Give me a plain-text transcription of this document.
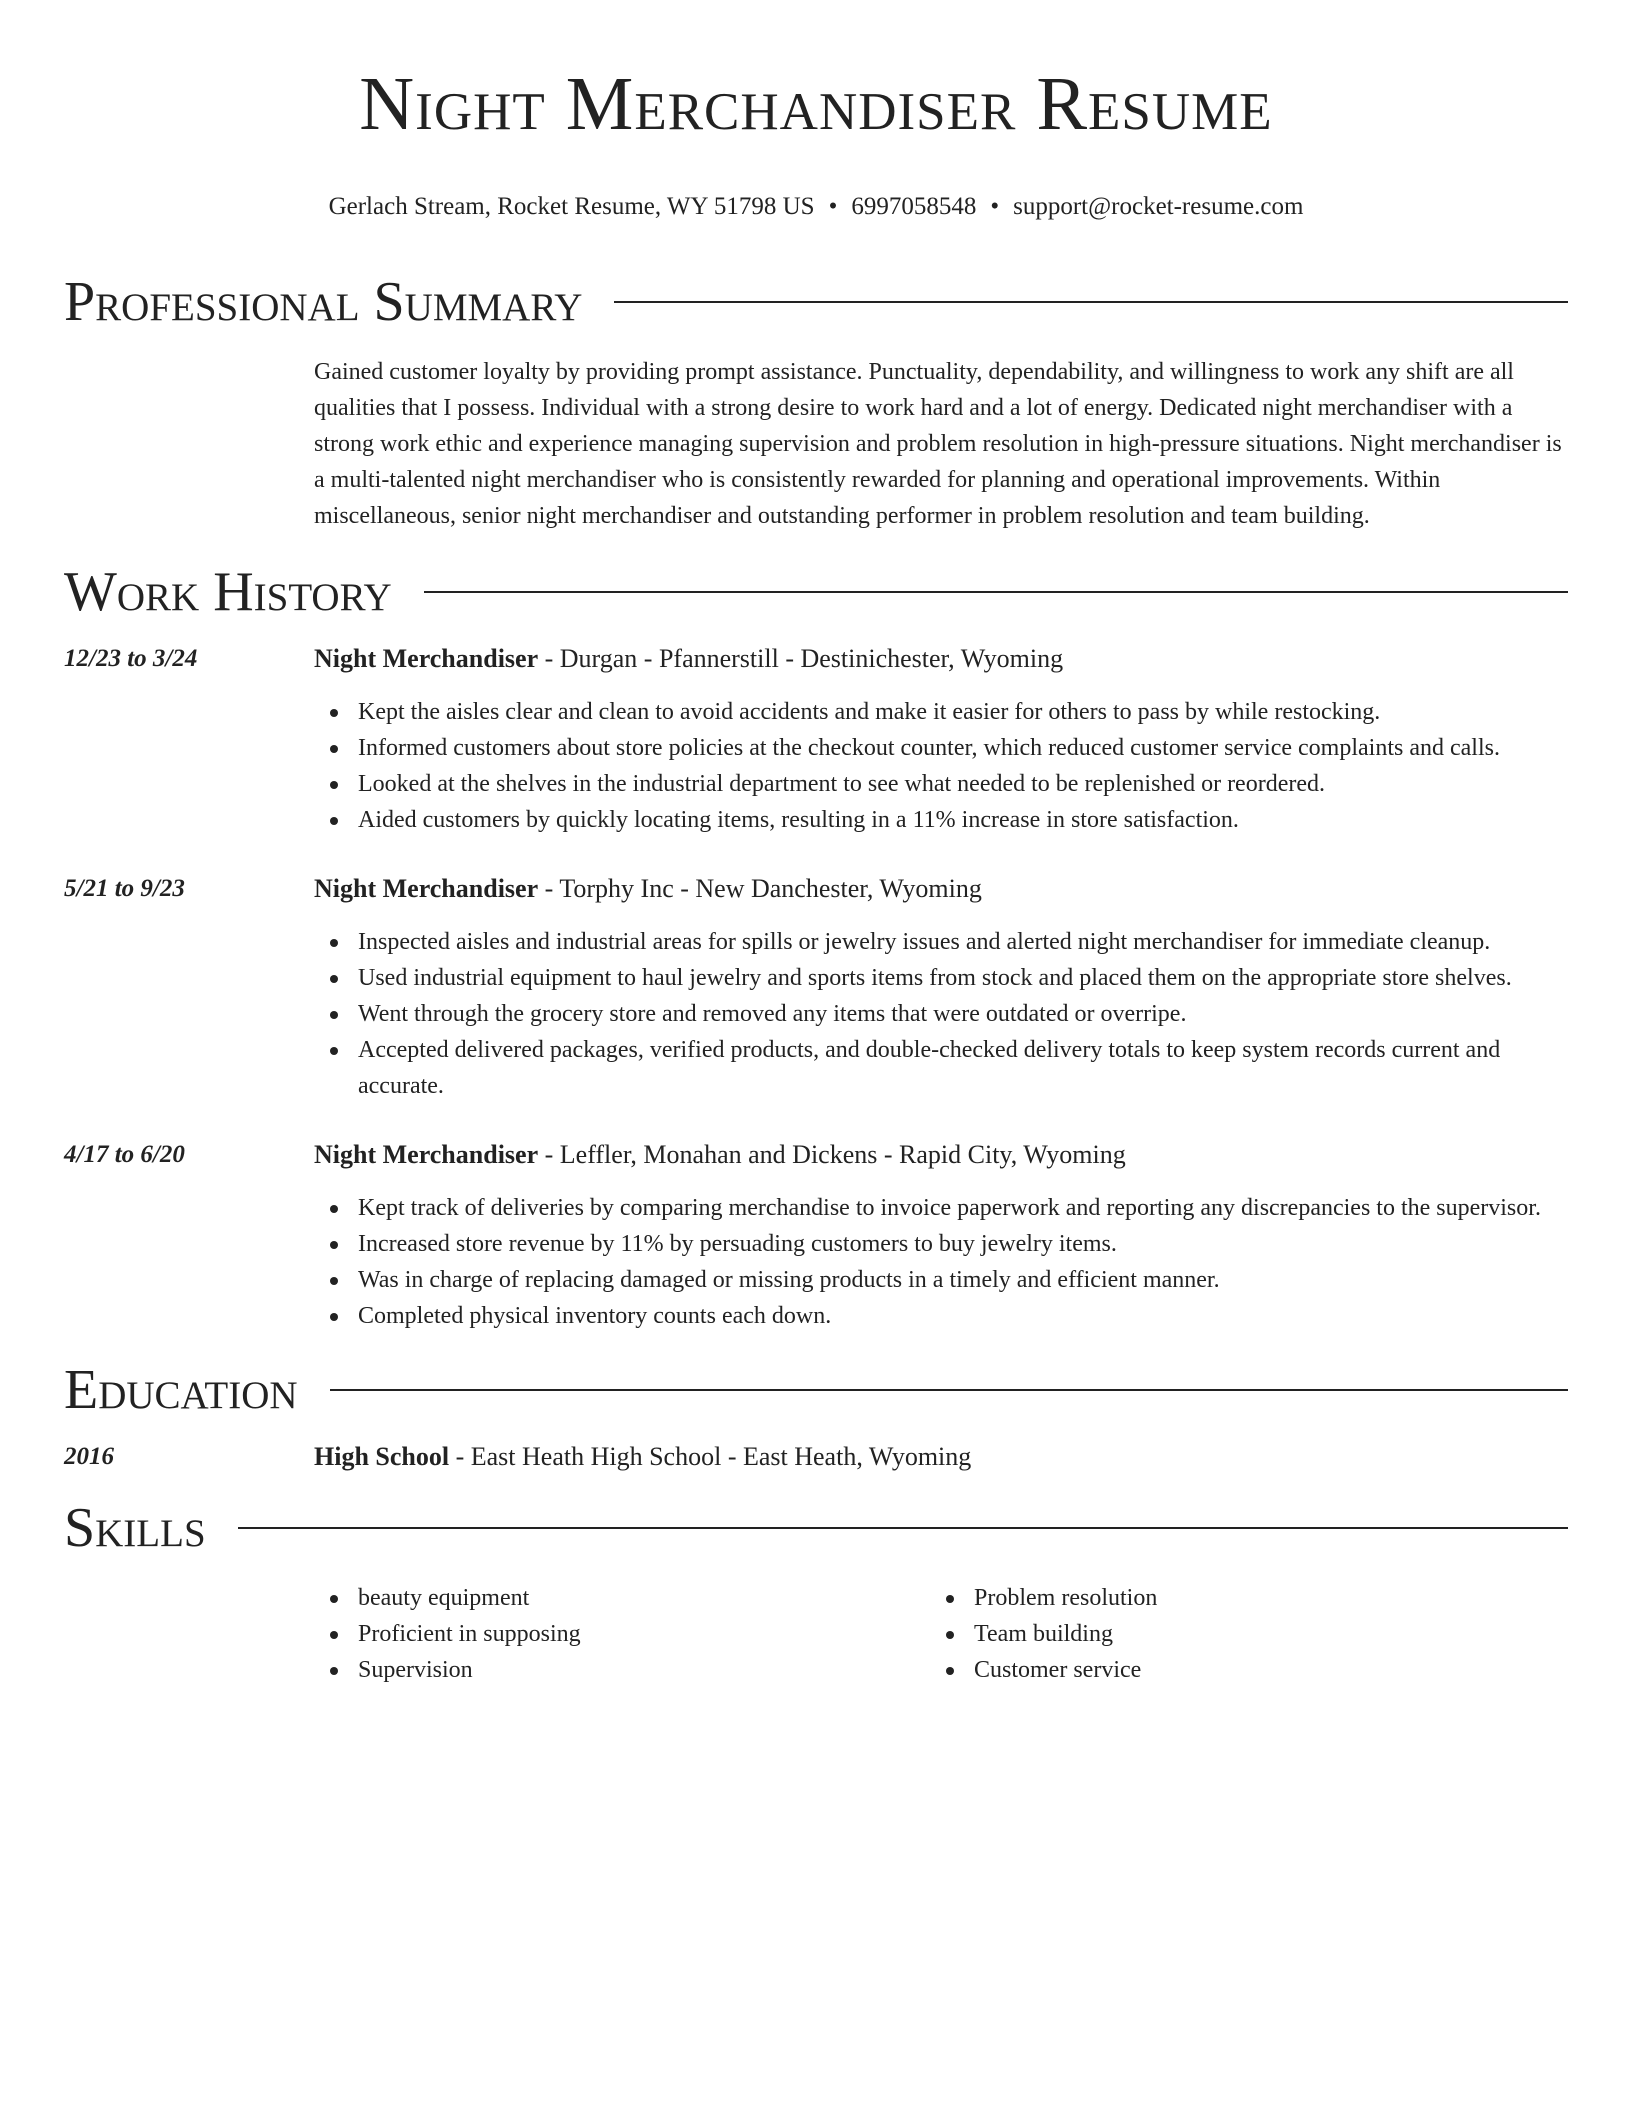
Night Merchandiser Resume
Gerlach Stream, Rocket Resume, WY 51798 US • 6997058548 • support@rocket-resume.com
Professional Summary

Gained customer loyalty by providing prompt assistance. Punctuality, dependability, and willingness to work any shift are all qualities that I possess. Individual with a strong desire to work hard and a lot of energy. Dedicated night merchandiser with a strong work ethic and experience managing supervision and problem resolution in high-pressure situations. Night merchandiser is a multi-talented night merchandiser who is consistently rewarded for planning and operational improvements. Within miscellaneous, senior night merchandiser and outstanding performer in problem resolution and team building.

Work History
12/23 to 3/24	Night Merchandiser - Durgan - Pfannerstill - Destinichester, Wyoming
Kept the aisles clear and clean to avoid accidents and make it easier for others to pass by while restocking.
Informed customers about store policies at the checkout counter, which reduced customer service complaints and calls.
Looked at the shelves in the industrial department to see what needed to be replenished or reordered.
Aided customers by quickly locating items, resulting in a 11% increase in store satisfaction.
5/21 to 9/23	Night Merchandiser - Torphy Inc - New Danchester, Wyoming
Inspected aisles and industrial areas for spills or jewelry issues and alerted night merchandiser for immediate cleanup.
Used industrial equipment to haul jewelry and sports items from stock and placed them on the appropriate store shelves.
Went through the grocery store and removed any items that were outdated or overripe.
Accepted delivered packages, verified products, and double-checked delivery totals to keep system records current and accurate.
4/17 to 6/20	Night Merchandiser - Leffler, Monahan and Dickens - Rapid City, Wyoming
Kept track of deliveries by comparing merchandise to invoice paperwork and reporting any discrepancies to the supervisor.
Increased store revenue by 11% by persuading customers to buy jewelry items.
Was in charge of replacing damaged or missing products in a timely and efficient manner.
Completed physical inventory counts each down.
Education
2016	High School - East Heath High School - East Heath, Wyoming
Skills
beauty equipment
Proficient in supposing
Supervision
Problem resolution
Team building
Customer service
